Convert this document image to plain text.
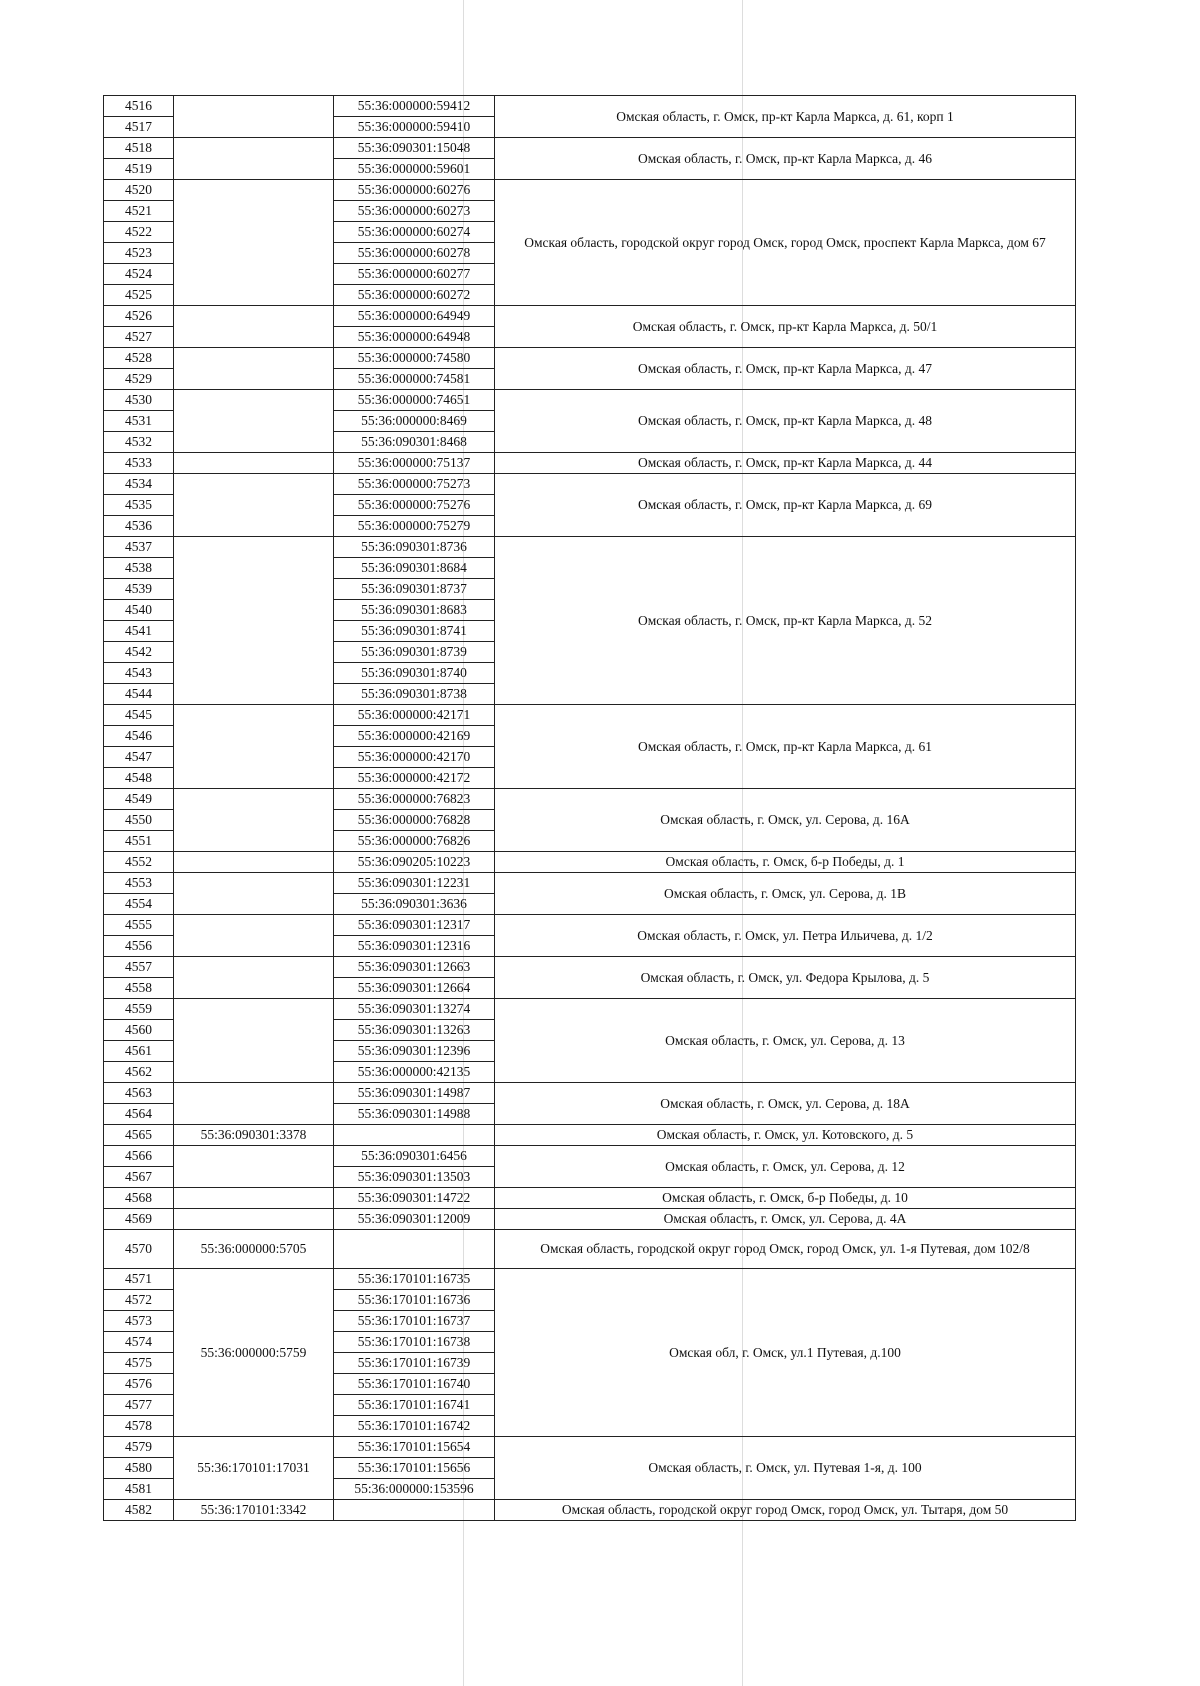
4516		55:36:000000:59412	Омская область, г. Омск, пр-кт Карла Маркса, д. 61, корп 1
4517		55:36:000000:59410	
4518		55:36:090301:15048	Омская область, г. Омск, пр-кт Карла Маркса, д. 46
4519		55:36:000000:59601	
4520		55:36:000000:60276	Омская область, городской округ город Омск, город Омск, проспект Карла Маркса, дом 67
4521		55:36:000000:60273	
4522		55:36:000000:60274	
4523		55:36:000000:60278	
4524		55:36:000000:60277	
4525		55:36:000000:60272	
4526		55:36:000000:64949	Омская область, г. Омск, пр-кт Карла Маркса, д. 50/1
4527		55:36:000000:64948	
4528		55:36:000000:74580	Омская область, г. Омск, пр-кт Карла Маркса, д. 47
4529		55:36:000000:74581	
4530		55:36:000000:74651	Омская область, г. Омск, пр-кт Карла Маркса, д. 48
4531		55:36:000000:8469	
4532		55:36:090301:8468	
4533		55:36:000000:75137	Омская область, г. Омск, пр-кт Карла Маркса, д. 44
4534		55:36:000000:75273	Омская область, г. Омск, пр-кт Карла Маркса, д. 69
4535		55:36:000000:75276	
4536		55:36:000000:75279	
4537		55:36:090301:8736	Омская область, г. Омск, пр-кт Карла Маркса, д. 52
4538		55:36:090301:8684	
4539		55:36:090301:8737	
4540		55:36:090301:8683	
4541		55:36:090301:8741	
4542		55:36:090301:8739	
4543		55:36:090301:8740	
4544		55:36:090301:8738	
4545		55:36:000000:42171	Омская область, г. Омск, пр-кт Карла Маркса, д. 61
4546		55:36:000000:42169	
4547		55:36:000000:42170	
4548		55:36:000000:42172	
4549		55:36:000000:76823	Омская область, г. Омск, ул. Серова, д. 16А
4550		55:36:000000:76828	
4551		55:36:000000:76826	
4552		55:36:090205:10223	Омская область, г. Омск, б-р Победы, д. 1
4553		55:36:090301:12231	Омская область, г. Омск, ул. Серова, д. 1В
4554		55:36:090301:3636	
4555		55:36:090301:12317	Омская область, г. Омск, ул. Петра Ильичева, д. 1/2
4556		55:36:090301:12316	
4557		55:36:090301:12663	Омская область, г. Омск, ул. Федора Крылова, д. 5
4558		55:36:090301:12664	
4559		55:36:090301:13274	Омская область, г. Омск, ул. Серова, д. 13
4560		55:36:090301:13263	
4561		55:36:090301:12396	
4562		55:36:000000:42135	
4563		55:36:090301:14987	Омская область, г. Омск, ул. Серова, д. 18А
4564		55:36:090301:14988	
4565	55:36:090301:3378		Омская область, г. Омск, ул. Котовского, д. 5
4566		55:36:090301:6456	Омская область, г. Омск, ул. Серова, д. 12
4567		55:36:090301:13503	
4568		55:36:090301:14722	Омская область, г. Омск, б-р Победы, д. 10
4569		55:36:090301:12009	Омская область, г. Омск, ул. Серова, д. 4А
4570	55:36:000000:5705		Омская область, городской округ город Омск, город Омск, ул. 1-я Путевая, дом 102/8
4571	55:36:000000:5759	55:36:170101:16735	Омская обл, г. Омск, ул.1 Путевая, д.100
4572		55:36:170101:16736	
4573		55:36:170101:16737	
4574		55:36:170101:16738	
4575		55:36:170101:16739	
4576		55:36:170101:16740	
4577		55:36:170101:16741	
4578		55:36:170101:16742	
4579	55:36:170101:17031	55:36:170101:15654	Омская область, г. Омск, ул. Путевая 1-я, д. 100
4580		55:36:170101:15656	
4581		55:36:000000:153596	
4582	55:36:170101:3342		Омская область, городской округ город Омск, город Омск, ул. Тытаря, дом 50
